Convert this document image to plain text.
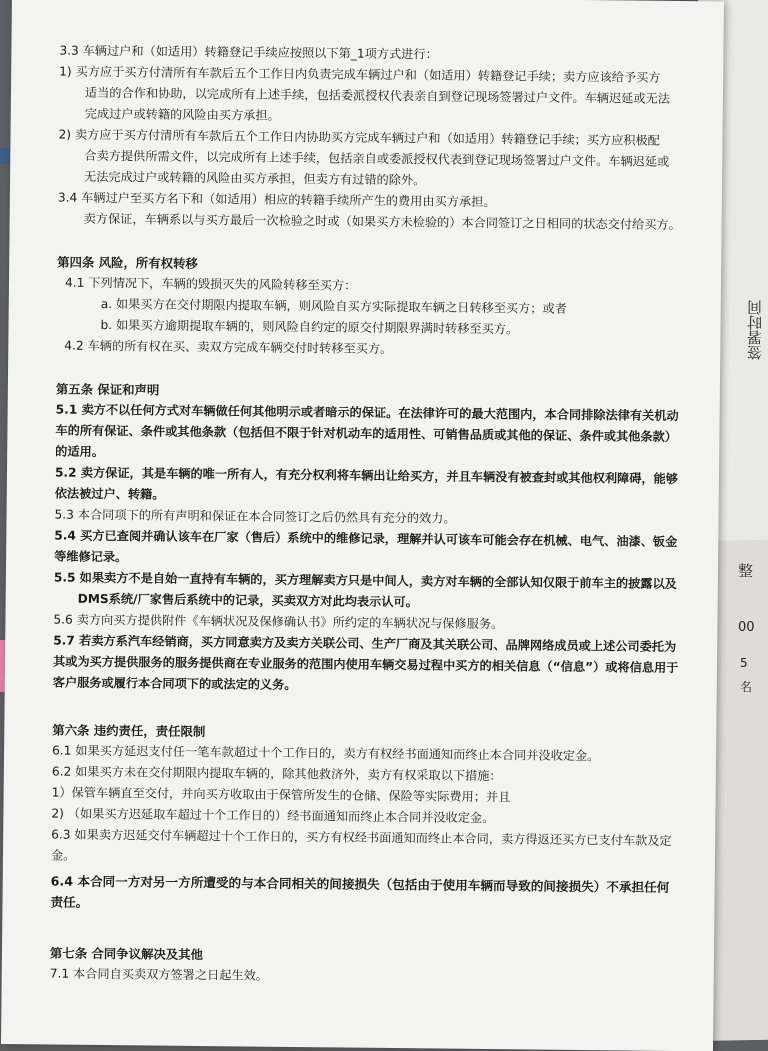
整
00
5
名
签署时间
3.3 车辆过户和（如适用）转籍登记手续应按照以下第_1项方式进行：
1) 买方应于买方付清所有车款后五个工作日内负责完成车辆过户和（如适用）转籍登记手续；卖方应该给予买方
适当的合作和协助，以完成所有上述手续，包括委派授权代表亲自到登记现场签署过户文件。车辆迟延或无法
完成过户或转籍的风险由买方承担。
2) 卖方应于买方付清所有车款后五个工作日内协助买方完成车辆过户和（如适用）转籍登记手续；买方应积极配
合卖方提供所需文件，以完成所有上述手续，包括亲自或委派授权代表到登记现场签署过户文件。车辆迟延或
无法完成过户或转籍的风险由买方承担，但卖方有过错的除外。
3.4 车辆过户至买方名下和（如适用）相应的转籍手续所产生的费用由买方承担。
卖方保证，车辆系以与买方最后一次检验之时或（如果买方未检验的）本合同签订之日相同的状态交付给买方。
第四条 风险，所有权转移
4.1 下列情况下，车辆的毁损灭失的风险转移至买方：
a. 如果买方在交付期限内提取车辆，则风险自买方实际提取车辆之日转移至买方；或者
b. 如果买方逾期提取车辆的，则风险自约定的原交付期限界满时转移至买方。
4.2 车辆的所有权在买、卖双方完成车辆交付时转移至买方。
第五条 保证和声明
5.1 卖方不以任何方式对车辆做任何其他明示或者暗示的保证。在法律许可的最大范围内，本合同排除法律有关机动车的所有保证、条件或其他条款（包括但不限于针对机动车的适用性、可销售品质或其他的保证、条件或其他条款）的适用。
5.2 卖方保证，其是车辆的唯一所有人，有充分权利将车辆出让给买方，并且车辆没有被查封或其他权利障碍，能够依法被过户、转籍。
5.3 本合同项下的所有声明和保证在本合同签订之后仍然具有充分的效力。
5.4 买方已查阅并确认该车在厂家（售后）系统中的维修记录，理解并认可该车可能会存在机械、电气、油漆、钣金等维修记录。
5.5 如果卖方不是自始一直持有车辆的，买方理解卖方只是中间人，卖方对车辆的全部认知仅限于前车主的披露以及
DMS系统/厂家售后系统中的记录，买卖双方对此均表示认可。
5.6 卖方向买方提供附件《车辆状况及保修确认书》所约定的车辆状况与保修服务。
5.7 若卖方系汽车经销商，买方同意卖方及卖方关联公司、生产厂商及其关联公司、品牌网络成员或上述公司委托为其或为买方提供服务的服务提供商在专业服务的范围内使用车辆交易过程中买方的相关信息（“信息”）或将信息用于客户服务或履行本合同项下的或法定的义务。
第六条 违约责任，责任限制
6.1 如果买方延迟支付任一笔车款超过十个工作日的，卖方有权经书面通知而终止本合同并没收定金。
6.2 如果买方未在交付期限内提取车辆的，除其他救济外，卖方有权采取以下措施：
1）保管车辆直至交付，并向买方收取由于保管所发生的仓储、保险等实际费用；并且
2) （如果买方迟延取车超过十个工作日的）经书面通知而终止本合同并没收定金。
6.3 如果卖方迟延交付车辆超过十个工作日的，买方有权经书面通知而终止本合同，卖方得返还买方已支付车款及定金。
6.4 本合同一方对另一方所遭受的与本合同相关的间接损失（包括由于使用车辆而导致的间接损失）不承担任何责任。
第七条 合同争议解决及其他
7.1 本合同自买卖双方签署之日起生效。
